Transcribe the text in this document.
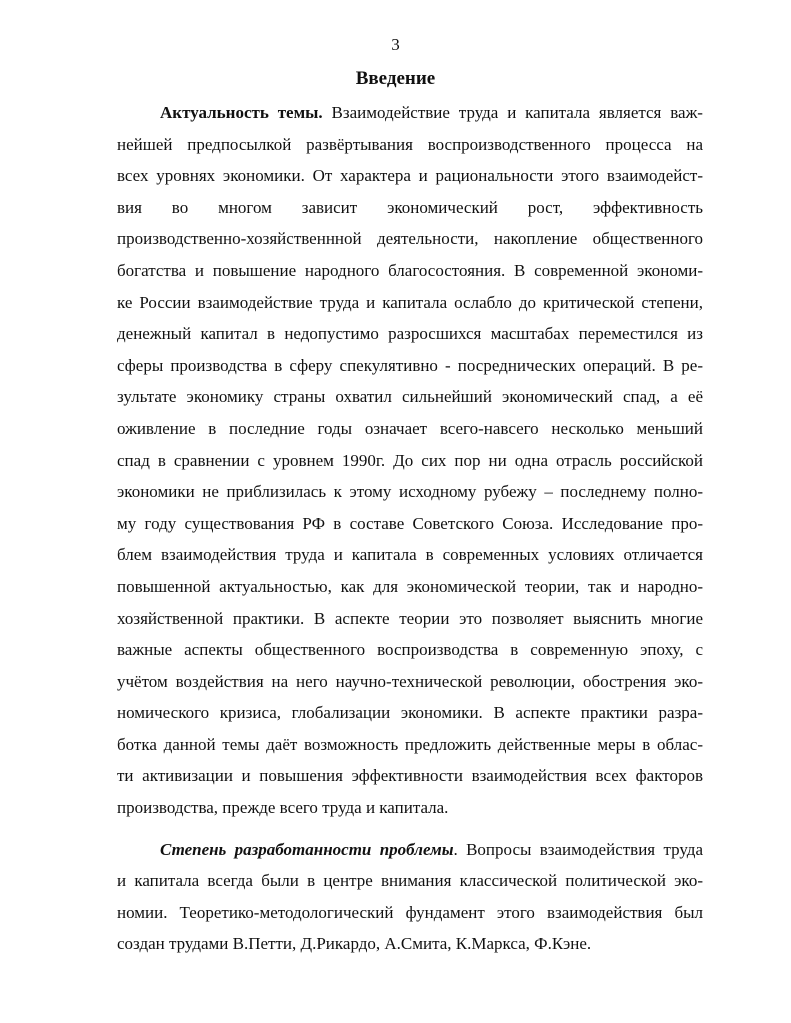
3
Введение
Актуальность темы. Взаимодействие труда и капитала является важ-
нейшей предпосылкой развёртывания воспроизводственного процесса на
всех уровнях экономики. От характера и рациональности этого взаимодейст-
вия во многом зависит экономический рост, эффективность
производственно-хозяйственнной деятельности, накопление общественного
богатства и повышение народного благосостояния. В современной экономи-
ке России взаимодействие труда и капитала ослабло до критической степени,
денежный капитал в недопустимо разросшихся масштабах переместился из
сферы производства в сферу спекулятивно - посреднических операций. В ре-
зультате экономику страны охватил сильнейший экономический спад, а её
оживление в последние годы означает всего-навсего несколько меньший
спад в сравнении с уровнем 1990г. До сих пор ни одна отрасль российской
экономики не приблизилась к этому исходному рубежу – последнему полно-
му году существования РФ в составе Советского Союза. Исследование про-
блем взаимодействия труда и капитала в современных условиях отличается
повышенной актуальностью, как для экономической теории, так и народно-
хозяйственной практики. В аспекте теории это позволяет выяснить многие
важные аспекты общественного воспроизводства в современную эпоху, с
учётом воздействия на него научно-технической революции, обострения эко-
номического кризиса, глобализации экономики. В аспекте практики разра-
ботка данной темы даёт возможность предложить действенные меры в облас-
ти активизации и повышения эффективности взаимодействия всех факторов
производства, прежде всего труда и капитала.
Степень разработанности проблемы. Вопросы взаимодействия труда
и капитала всегда были в центре внимания классической политической эко-
номии. Теоретико-методологический фундамент этого взаимодействия был
создан трудами В.Петти, Д.Рикардо, А.Смита, К.Маркса, Ф.Кэне.
